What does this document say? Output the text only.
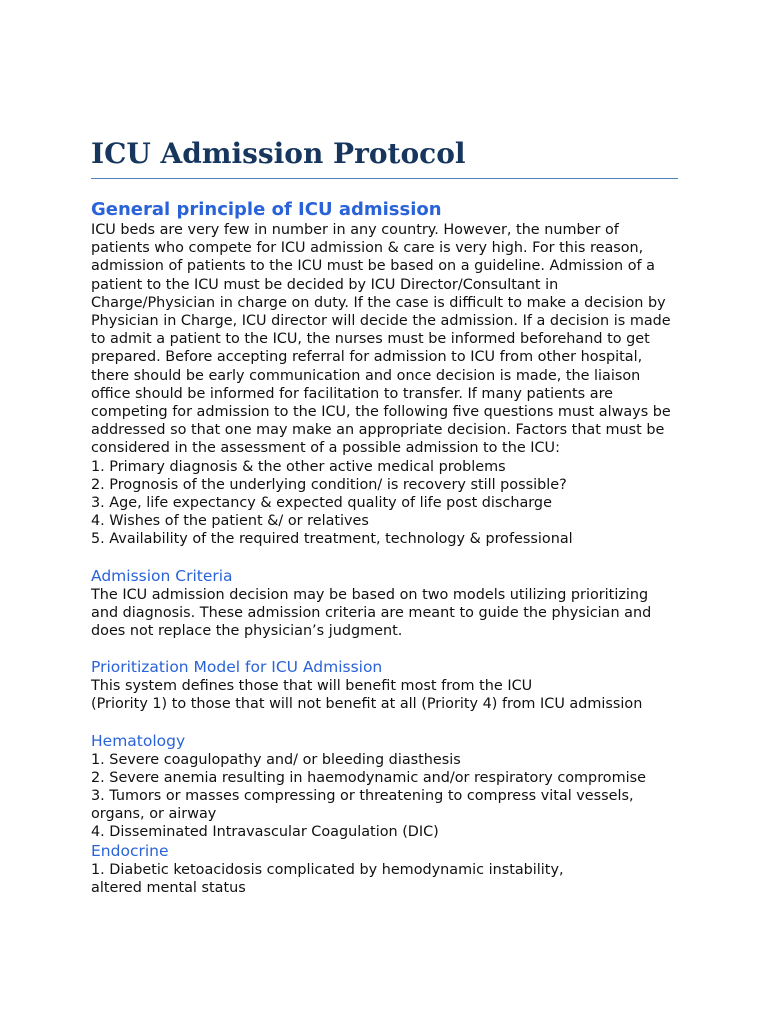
ICU Admission Protocol
General principle of ICU admission

ICU beds are very few in number in any country. However, the number of patients who compete for ICU admission & care is very high. For this reason, admission of patients to the ICU must be based on a guideline. Admission of a patient to the ICU must be decided by ICU Director/Consultant in Charge/Physician in charge on duty. If the case is difficult to make a decision by Physician in Charge, ICU director will decide the admission. If a decision is made to admit a patient to the ICU, the nurses must be informed beforehand to get prepared. Before accepting referral for admission to ICU from other hospital, there should be early communication and once decision is made, the liaison office should be informed for facilitation to transfer. If many patients are competing for admission to the ICU, the following five questions must always be addressed so that one may make an appropriate decision. Factors that must be considered in the assessment of a possible admission to the ICU:

1. Primary diagnosis & the other active medical problems
2. Prognosis of the underlying condition/ is recovery still possible?
3. Age, life expectancy & expected quality of life post discharge
4. Wishes of the patient &/ or relatives
5. Availability of the required treatment, technology & professional
Admission Criteria

The ICU admission decision may be based on two models utilizing prioritizing and diagnosis. These admission criteria are meant to guide the physician and does not replace the physician’s judgment.

Prioritization Model for ICU Admission
This system defines those that will benefit most from the ICU
(Priority 1) to those that will not benefit at all (Priority 4) from ICU admission
Hematology
1. Severe coagulopathy and/ or bleeding diasthesis
2. Severe anemia resulting in haemodynamic and/or respiratory compromise
3. Tumors or masses compressing or threatening to compress vital vessels, organs, or airway
4. Disseminated Intravascular Coagulation (DIC)
Endocrine
1. Diabetic ketoacidosis complicated by hemodynamic instability,
altered mental status
